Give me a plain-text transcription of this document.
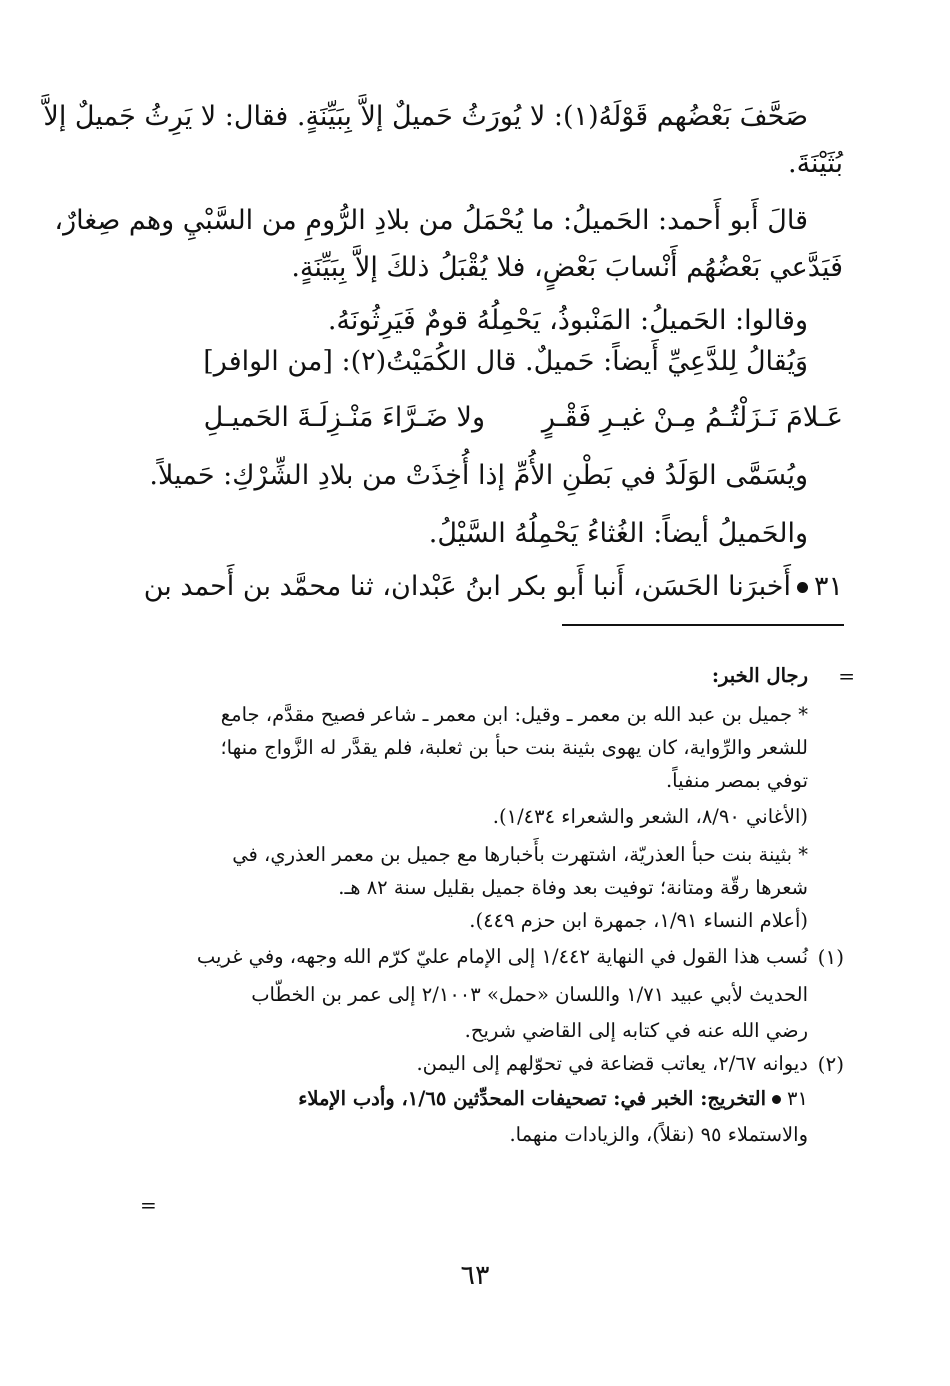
صَحَّفَ بَعْضُهم قَوْلَهُ(١): لا يُورَثُ حَميلٌ إلاَّ بِبَيِّنَةٍ. فقال: لا يَرِثُ جَميلٌ إلاَّ
بُثَيْنَةَ.
قالَ أَبو أَحمد: الحَميلُ: ما يُحْمَلُ من بلادِ الرُّومِ من السَّبْيِ وهم صِغارٌ،
فَيَدَّعي بَعْضُهُم أَنْسابَ بَعْضٍ، فلا يُقْبَلُ ذلكَ إلاَّ بِبَيِّنَةٍ.
وقالوا: الحَميلُ: المَنْبوذُ، يَحْمِلُهُ قومٌ فَيَرِثُونَهُ.
وَيُقالُ لِلدَّعِيِّ أَيضاً: حَميلٌ. قال الكُمَيْتُ(٢): [من الوافر]
عَـلامَ نَـزَلْتُـمُ مِـنْ غيـرِ فَقْـرٍ
ولا ضَـرَّاءَ مَنْـزِلَـةَ الحَميـلِ
ويُسَمَّى الوَلَدُ في بَطْنِ الأُمِّ إذا أُخِذَتْ من بلادِ الشِّرْكِ: حَميلاً.
والحَميلُ أيضاً: الغُثاءُ يَحْمِلُهُ السَّيْلُ.
٣١أَخبرَنا الحَسَن، أَنبا أَبو بكر ابنُ عَبْدان، ثنا محمَّد بن أَحمد بن
=
رجال الخبر:
* جميل بن عبد الله بن معمر ـ وقيل: ابن معمر ـ شاعر فصيح مقدَّم، جامع
للشعر والرِّواية، كان يهوى بثينة بنت حبأ بن ثعلبة، فلم يقدَّر له الزَّواج منها؛
توفي بمصر منفياً.
(الأغاني ٨/٩٠، الشعر والشعراء ١/٤٣٤).
* بثينة بنت حبأ العذريّة، اشتهرت بأَخبارها مع جميل بن معمر العذري، في
شعرها رقّة ومتانة؛ توفيت بعد وفاة جميل بقليل سنة ٨٢ هـ.
(أعلام النساء ١/٩١، جمهرة ابن حزم ٤٤٩).
(١)
نُسب هذا القول في النهاية ١/٤٤٢ إلى الإمام عليّ كرّم الله وجهه، وفي غريب
الحديث لأبي عبيد ١/٧١ واللسان «حمل» ٢/١٠٠٣ إلى عمر بن الخطّاب
رضي الله عنه في كتابه إلى القاضي شريح.
(٢)
ديوانه ٢/٦٧، يعاتب قضاعة في تحوّلهم إلى اليمن.
٣١التخريج: الخبر في: تصحيفات المحدِّثين ١/٦٥، وأدب الإملاء
والاستملاء ٩٥ (نقلاً)، والزيادات منهما.
=
٦٣
